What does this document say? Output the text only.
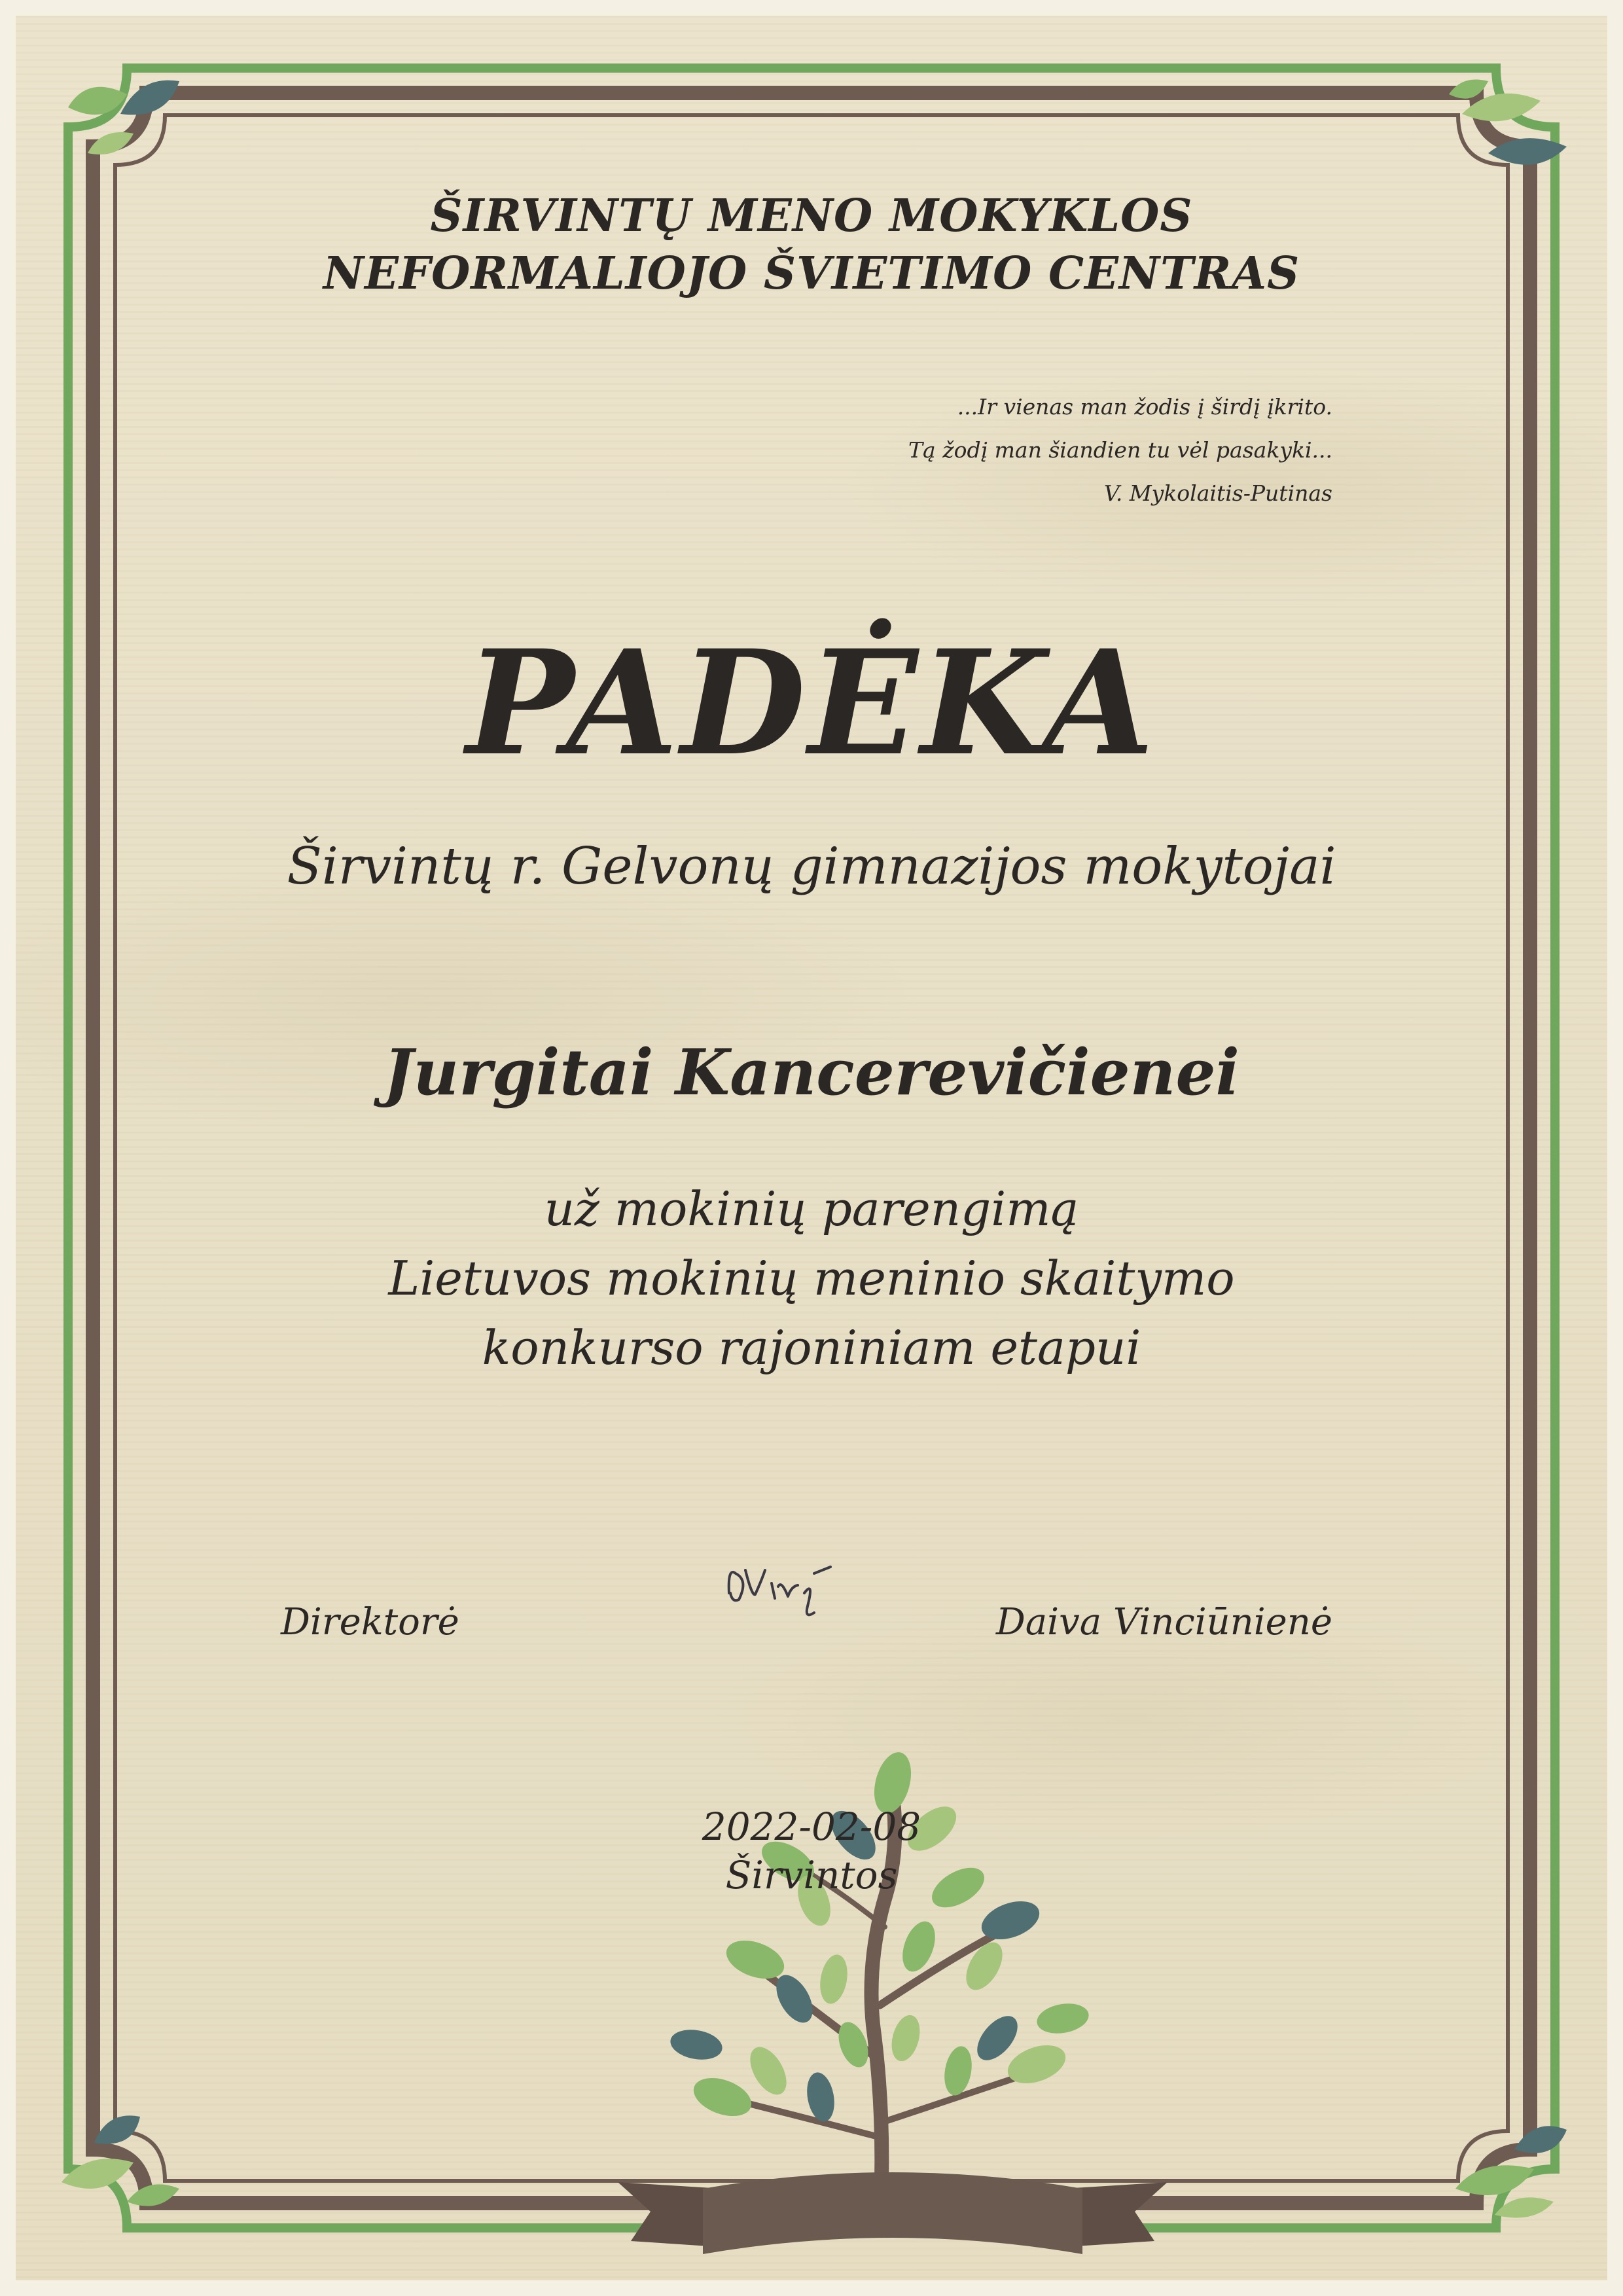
ŠIRVINTŲ MENO MOKYKLOS
NEFORMALIOJO ŠVIETIMO CENTRAS
...Ir vienas man žodis į širdį įkrito.
Tą žodį man šiandien tu vėl pasakyki...
V. Mykolaitis-Putinas
PADĖKA

Širvintų r. Gelvonų gimnazijos mokytojai

Jurgitai Kancerevičienei

už mokinių parengimą
Lietuvos mokinių meninio skaitymo
konkurso rajoniniam etapui

Direktorė	Daiva Vinciūnienė

2022-02-08
Širvintos
